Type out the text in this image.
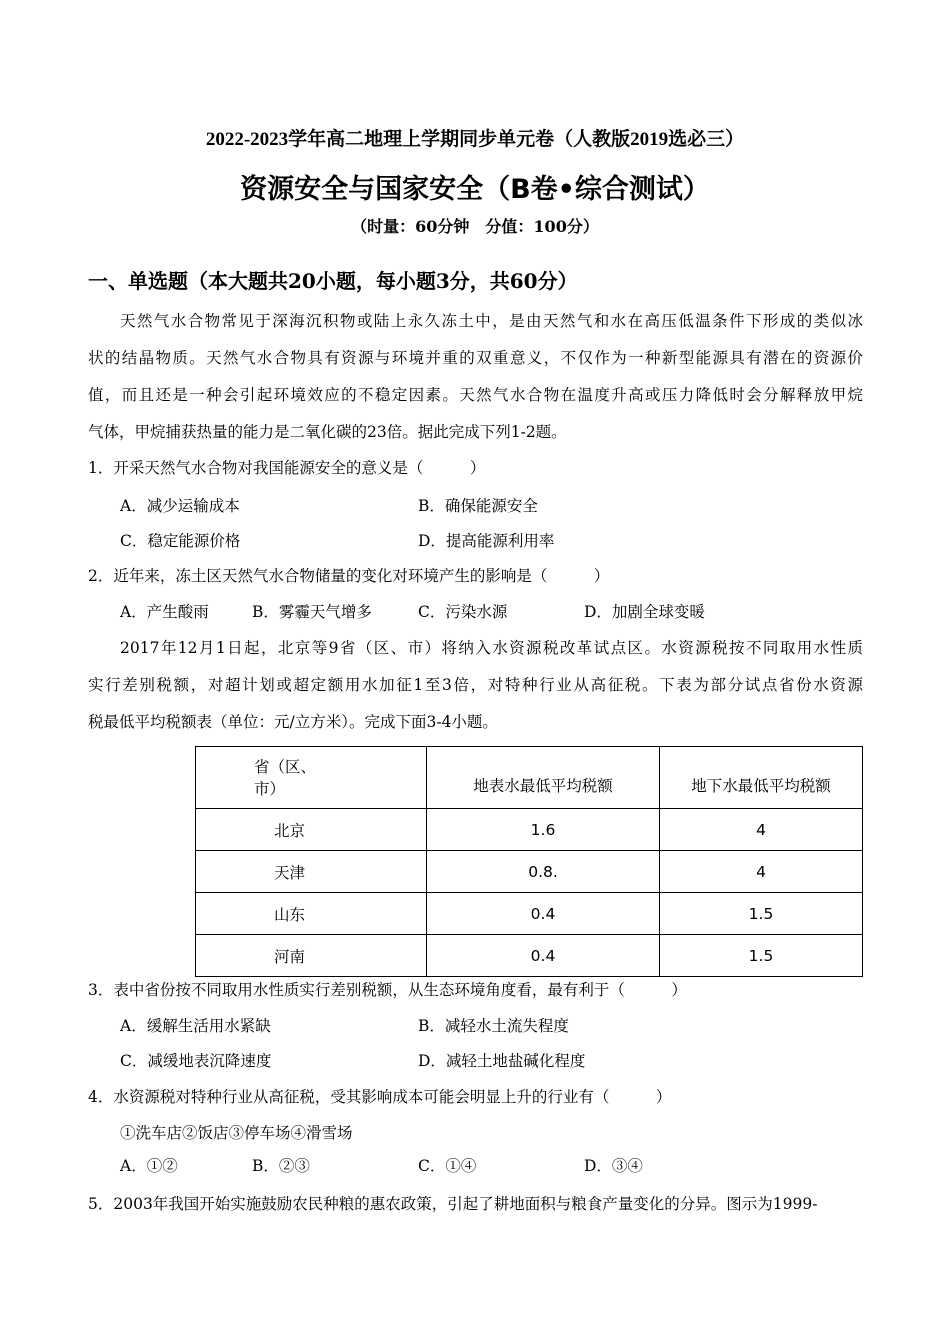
2022-2023学年高二地理上学期同步单元卷（人教版2019选必三）
资源安全与国家安全（B卷•综合测试）
（时量：60分钟　分值：100分）
一、单选题（本大题共20小题，每小题3分，共60分）
天然气水合物常见于深海沉积物或陆上永久冻土中，是由天然气和水在高压低温条件下形成的类似冰
状的结晶物质。天然气水合物具有资源与环境并重的双重意义，不仅作为一种新型能源具有潜在的资源价
值，而且还是一种会引起环境效应的不稳定因素。天然气水合物在温度升高或压力降低时会分解释放甲烷
气体，甲烷捕获热量的能力是二氧化碳的23倍。据此完成下列1-2题。
1．开采天然气水合物对我国能源安全的意义是（　　　）
A．减少运输成本	B．确保能源安全
C．稳定能源价格	D．提高能源利用率
2．近年来，冻土区天然气水合物储量的变化对环境产生的影响是（　　　）
A．产生酸雨	B．雾霾天气增多	C．污染水源	D．加剧全球变暖
2017年12月1日起，北京等9省（区、市）将纳入水资源税改革试点区。水资源税按不同取用水性质
实行差别税额，对超计划或超定额用水加征1至3倍，对特种行业从高征税。下表为部分试点省份水资源
税最低平均税额表（单位：元/立方米）。完成下面3-4小题。
省（区、
市）	地表水最低平均税额	地下水最低平均税额
北京	1.6	4
天津	0.8.	4
山东	0.4	1.5
河南	0.4	1.5
3．表中省份按不同取用水性质实行差别税额，从生态环境角度看，最有利于（　　　）
A．缓解生活用水紧缺	B．减轻水土流失程度
C．减缓地表沉降速度	D．减轻土地盐碱化程度
4．水资源税对特种行业从高征税，受其影响成本可能会明显上升的行业有（　　　）
①洗车店②饭店③停车场④滑雪场
A．①②	B．②③	C．①④	D．③④
5．2003年我国开始实施鼓励农民种粮的惠农政策，引起了耕地面积与粮食产量变化的分异。图示为1999-
